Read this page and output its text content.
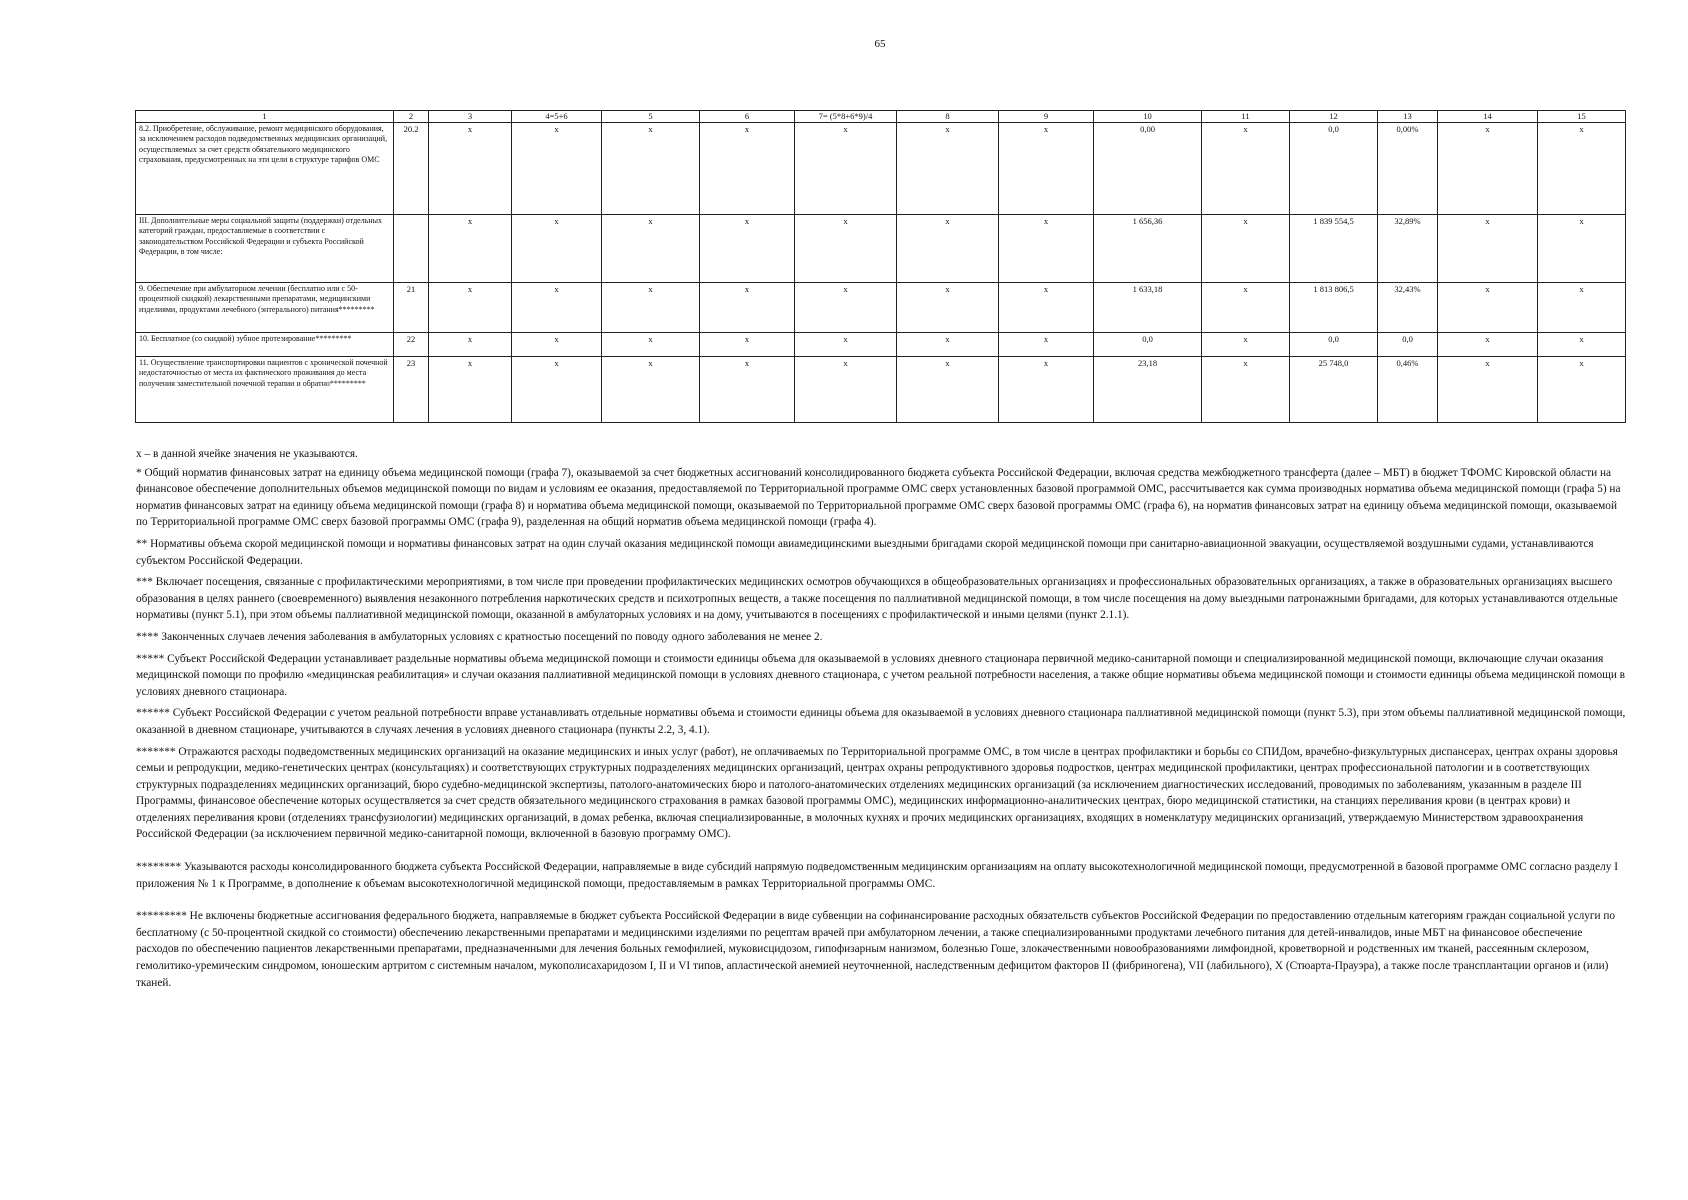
65
1	2	3	4=5+6	5	6	7= (5*8+6*9)/4	8	9	10	11	12	13	14	15
8.2. Приобретение, обслуживание, ремонт медицинского оборудования, за исключением расходов подведомственных медицинских организаций, осуществляемых за счет средств обязательного медицинского страхования, предусмотренных на эти цели в структуре тарифов ОМС	20.2	х	х	х	х	х	х	х	0,00	х	0,0	0,00%	х	х
III. Дополнительные меры социальной защиты (поддержки) отдельных категорий граждан, предоставляемые в соответствии с законодательством Российской Федерации и субъекта Российской Федерации, в том числе:		х	х	х	х	х	х	х	1 656,36	х	1 839 554,5	32,89%	х	х
9. Обеспечение при амбулаторном лечении (бесплатно или с 50-процентной скидкой) лекарственными препаратами, медицинскими изделиями, продуктами лечебного (энтерального) питания*********	21	х	х	х	х	х	х	х	1 633,18	х	1 813 806,5	32,43%	х	х
10. Бесплатное (со скидкой) зубное протезирование*********	22	х	х	х	х	х	х	х	0,0	х	0,0	0,0	х	х
11. Осуществление транспортировки пациентов с хронической почечной недостаточностью от места их фактического проживания до места получения заместительной почечной терапии и обратно*********	23	х	х	х	х	х	х	х	23,18	х	25 748,0	0,46%	х	х

х – в данной ячейке значения не указываются.

* Общий норматив финансовых затрат на единицу объема медицинской помощи (графа 7), оказываемой за счет бюджетных ассигнований консолидированного бюджета субъекта Российской Федерации, включая средства межбюджетного трансферта (далее – МБТ) в бюджет ТФОМС Кировской области на финансовое обеспечение дополнительных объемов медицинской помощи по видам и условиям ее оказания, предоставляемой по Территориальной программе ОМС сверх установленных базовой программой ОМС, рассчитывается как сумма производных норматива объема медицинской помощи (графа 5) на норматив финансовых затрат на единицу объема медицинской помощи (графа 8) и норматива объема медицинской помощи, оказываемой по Территориальной программе ОМС сверх базовой программы ОМС (графа 6), на норматив финансовых затрат на единицу объема медицинской помощи, оказываемой по Территориальной программе ОМС сверх базовой программы ОМС (графа 9), разделенная на общий норматив объема медицинской помощи (графа 4).

** Нормативы объема скорой медицинской помощи и нормативы финансовых затрат на один случай оказания медицинской помощи авиамедицинскими выездными бригадами скорой медицинской помощи при санитарно-авиационной эвакуации, осуществляемой воздушными судами, устанавливаются субъектом Российской Федерации.

*** Включает посещения, связанные с профилактическими мероприятиями, в том числе при проведении профилактических медицинских осмотров обучающихся в общеобразовательных организациях и профессиональных образовательных организациях, а также в образовательных организациях высшего образования в целях раннего (своевременного) выявления незаконного потребления наркотических средств и психотропных веществ, а также посещения по паллиативной медицинской помощи, в том числе посещения на дому выездными патронажными бригадами, для которых устанавливаются отдельные нормативы (пункт 5.1), при этом объемы паллиативной медицинской помощи, оказанной в амбулаторных условиях и на дому, учитываются в посещениях с профилактической и иными целями (пункт 2.1.1).

**** Законченных случаев лечения заболевания в амбулаторных условиях с кратностью посещений по поводу одного заболевания не менее 2.

***** Субъект Российской Федерации устанавливает раздельные нормативы объема медицинской помощи и стоимости единицы объема для оказываемой в условиях дневного стационара первичной медико-санитарной помощи и специализированной медицинской помощи, включающие случаи оказания медицинской помощи по профилю «медицинская реабилитация» и случаи оказания паллиативной медицинской помощи в условиях дневного стационара, с учетом реальной потребности населения, а также общие нормативы объема медицинской помощи и стоимости единицы объема медицинской помощи в условиях дневного стационара.

****** Субъект Российской Федерации с учетом реальной потребности вправе устанавливать отдельные нормативы объема и стоимости единицы объема для оказываемой в условиях дневного стационара паллиативной медицинской помощи (пункт 5.3), при этом объемы паллиативной медицинской помощи, оказанной в дневном стационаре, учитываются в случаях лечения в условиях дневного стационара (пункты 2.2, 3, 4.1).

******* Отражаются расходы подведомственных медицинских организаций на оказание медицинских и иных услуг (работ), не оплачиваемых по Территориальной программе ОМС, в том числе в центрах профилактики и борьбы со СПИДом, врачебно-физкультурных диспансерах, центрах охраны здоровья семьи и репродукции, медико-генетических центрах (консультациях) и соответствующих структурных подразделениях медицинских организаций, центрах охраны репродуктивного здоровья подростков, центрах медицинской профилактики, центрах профессиональной патологии и в соответствующих структурных подразделениях медицинских организаций, бюро судебно-медицинской экспертизы, патолого-анатомических бюро и патолого-анатомических отделениях медицинских организаций (за исключением диагностических исследований, проводимых по заболеваниям, указанным в разделе III Программы, финансовое обеспечение которых осуществляется за счет средств обязательного медицинского страхования в рамках базовой программы ОМС), медицинских информационно-аналитических центрах, бюро медицинской статистики, на станциях переливания крови (в центрах крови) и отделениях переливания крови (отделениях трансфузиологии) медицинских организаций, в домах ребенка, включая специализированные, в молочных кухнях и прочих медицинских организациях, входящих в номенклатуру медицинских организаций, утверждаемую Министерством здравоохранения Российской Федерации (за исключением первичной медико-санитарной помощи, включенной в базовую программу ОМС).

******** Указываются расходы консолидированного бюджета субъекта Российской Федерации, направляемые в виде субсидий напрямую подведомственным медицинским организациям на оплату высокотехнологичной медицинской помощи, предусмотренной в базовой программе ОМС согласно разделу I приложения № 1 к Программе, в дополнение к объемам высокотехнологичной медицинской помощи, предоставляемым в рамках Территориальной программы ОМС.

********* Не включены бюджетные ассигнования федерального бюджета, направляемые в бюджет субъекта Российской Федерации в виде субвенции на софинансирование расходных обязательств субъектов Российской Федерации по предоставлению отдельным категориям граждан социальной услуги по бесплатному (с 50-процентной скидкой со стоимости) обеспечению лекарственными препаратами и медицинскими изделиями по рецептам врачей при амбулаторном лечении, а также специализированными продуктами лечебного питания для детей-инвалидов, иные МБТ на финансовое обеспечение расходов по обеспечению пациентов лекарственными препаратами, предназначенными для лечения больных гемофилией, муковисцидозом, гипофизарным нанизмом, болезнью Гоше, злокачественными новообразованиями лимфоидной, кроветворной и родственных им тканей, рассеянным склерозом, гемолитико-уремическим синдромом, юношеским артритом с системным началом, мукополисахаридозом I, II и VI типов, апластической анемией неуточненной, наследственным дефицитом факторов II (фибриногена), VII (лабильного), X (Стюарта-Прауэра), а также после трансплантации органов и (или) тканей.
